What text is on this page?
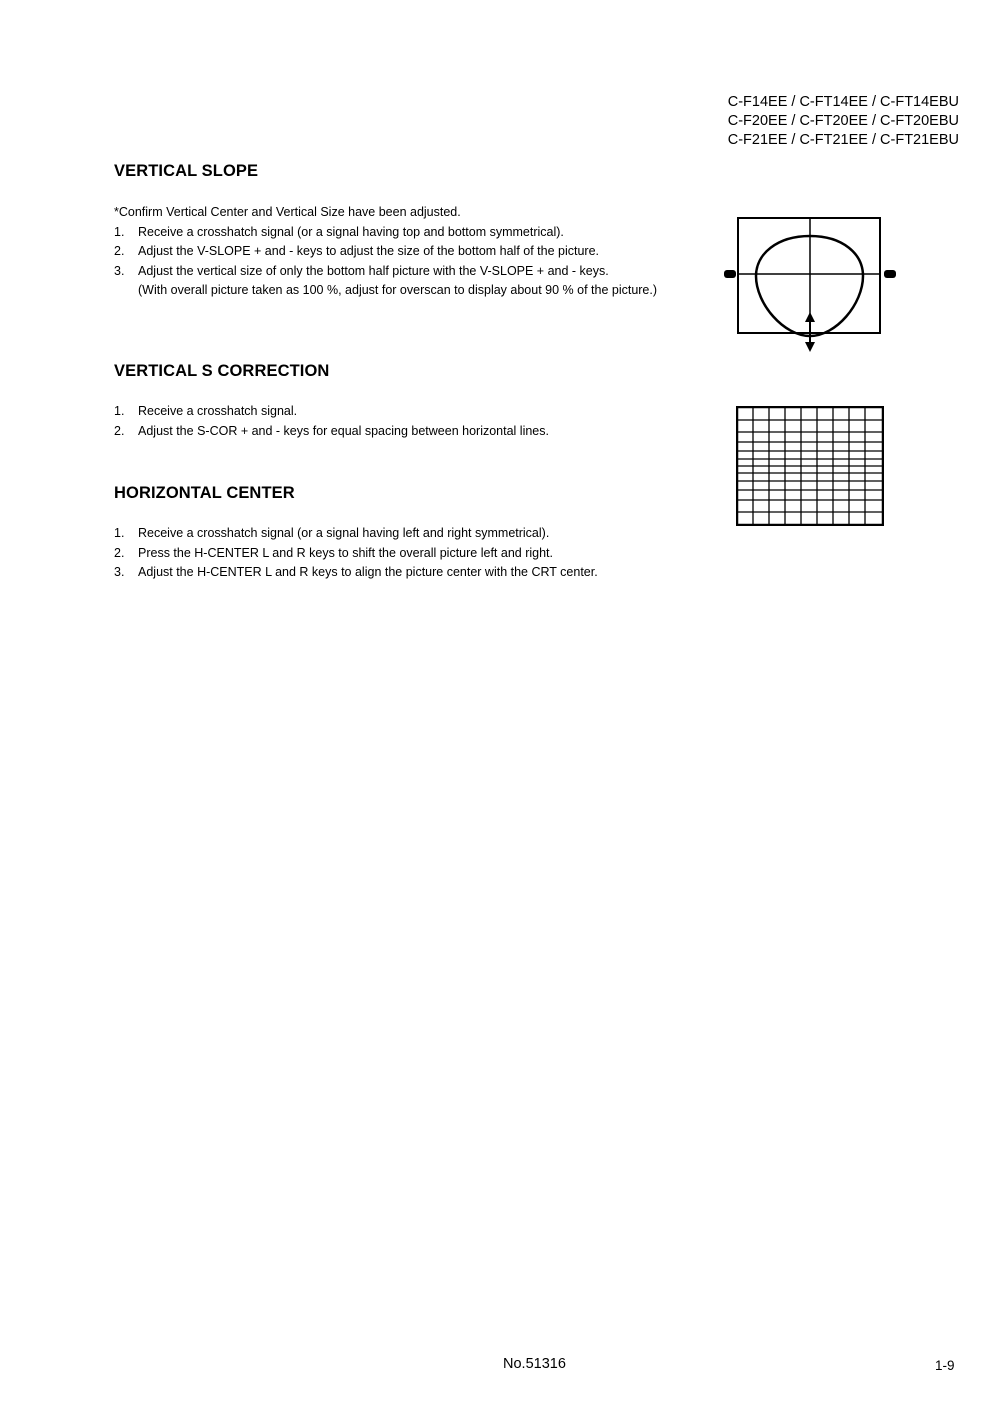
C-F14EE / C-FT14EE / C-FT14EBU
C-F20EE / C-FT20EE / C-FT20EBU
C-F21EE / C-FT21EE / C-FT21EBU
VERTICAL SLOPE

*Confirm Vertical Center and Vertical Size have been adjusted.

1. Receive a crosshatch signal (or a signal having top and bottom symmetrical).
2. Adjust the V-SLOPE + and - keys to adjust the size of the bottom half of the picture.
3. Adjust the vertical size of only the bottom half picture with the V-SLOPE + and - keys.
(With overall picture taken as 100 %, adjust for overscan to display about 90 % of the picture.)
VERTICAL S CORRECTION
1. Receive a crosshatch signal.
2. Adjust the S-COR + and - keys for equal spacing between horizontal lines.
HORIZONTAL CENTER
1. Receive a crosshatch signal (or a signal having left and right symmetrical).
2. Press the H-CENTER L and R keys to shift the overall picture left and right.
3. Adjust the H-CENTER L and R keys to align the picture center with the CRT center.
No.51316	1-9
